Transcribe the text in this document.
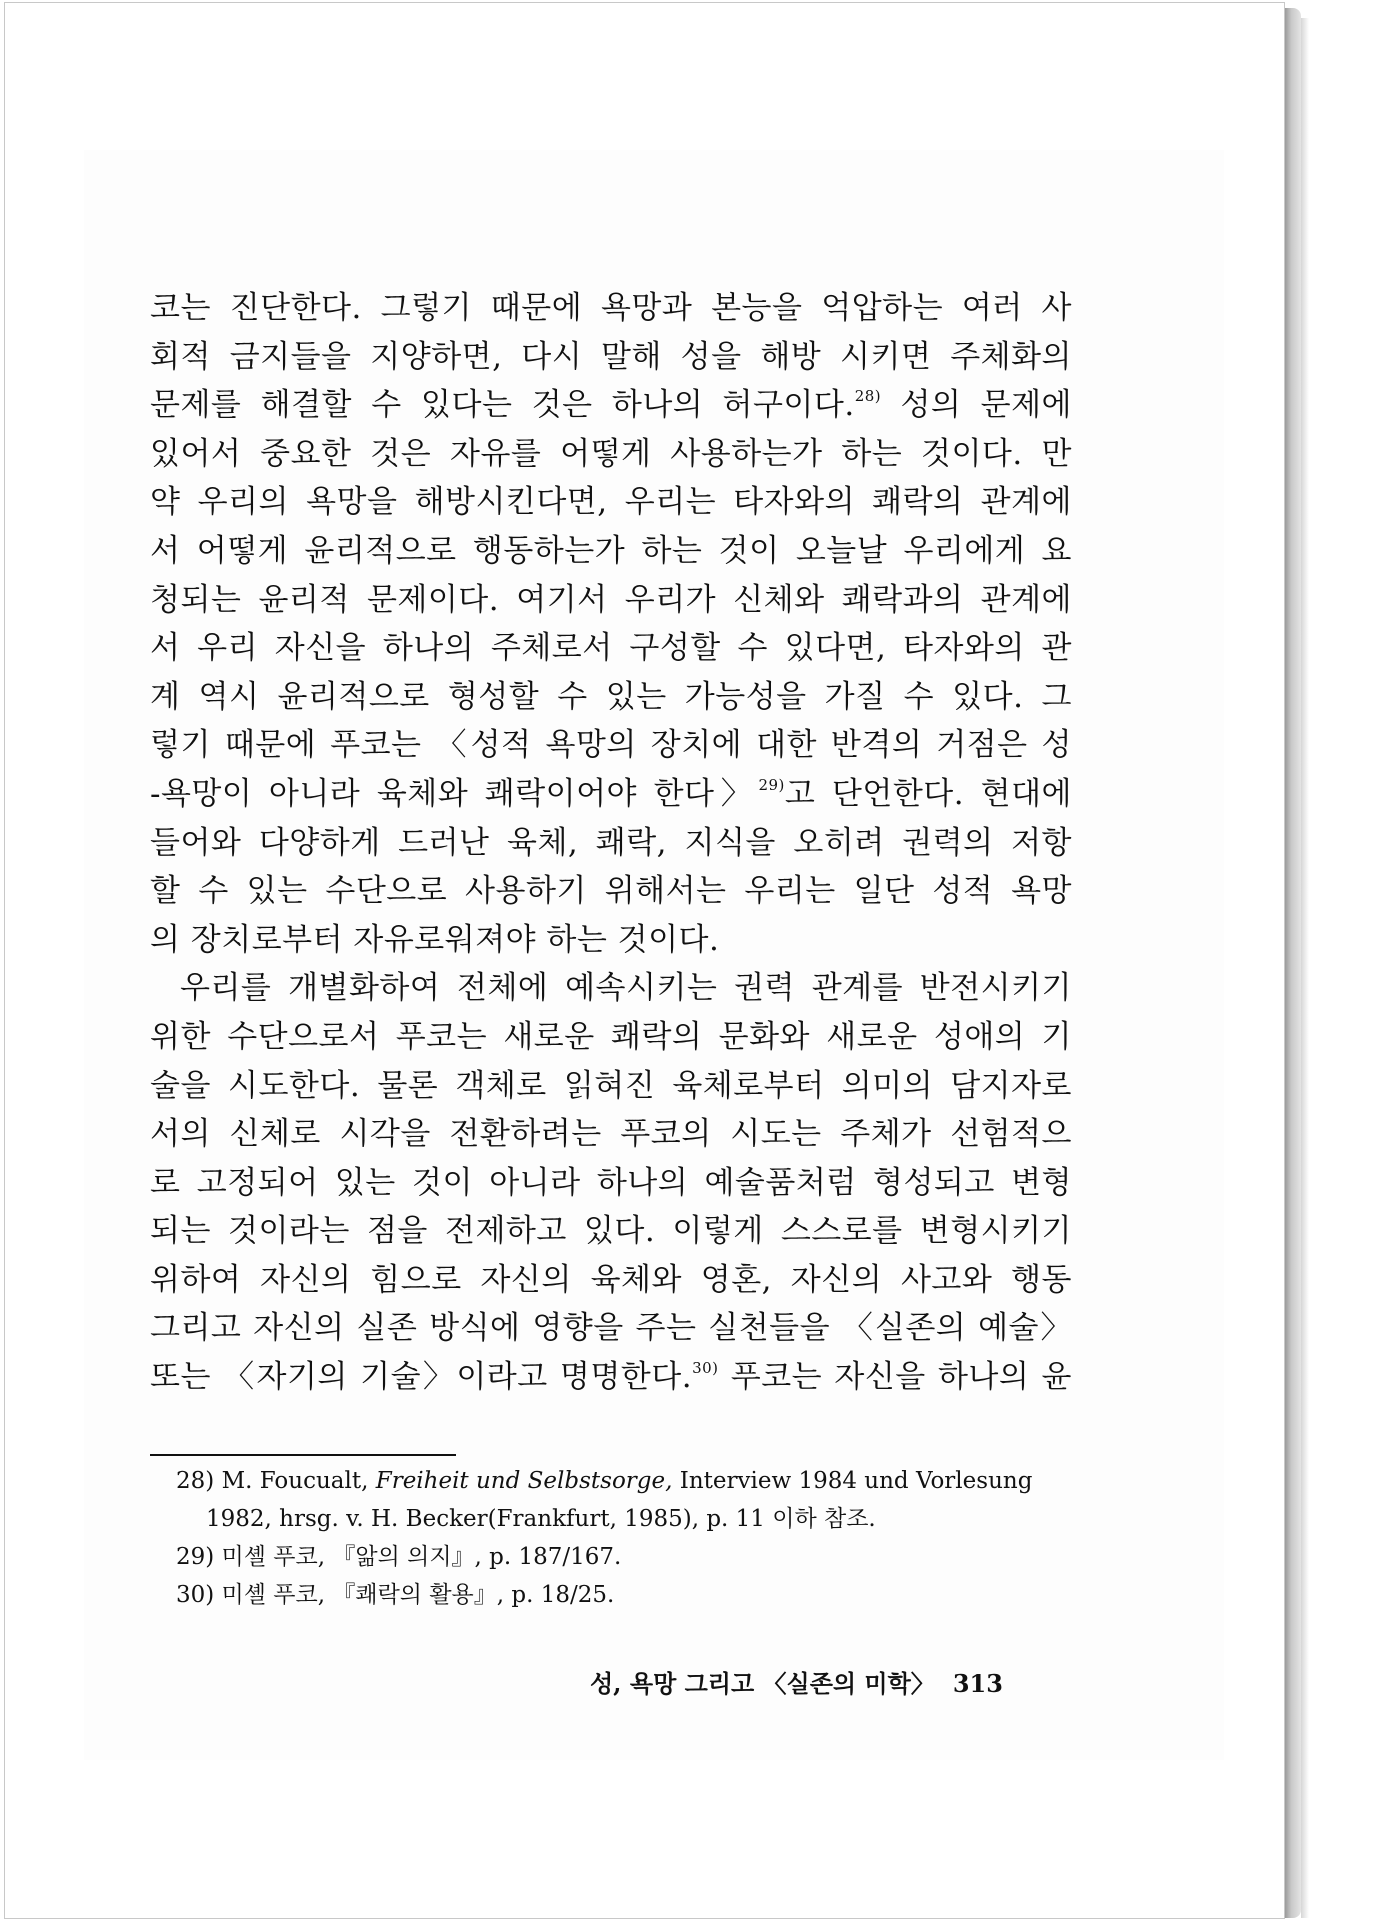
코는 진단한다. 그렇기 때문에 욕망과 본능을 억압하는 여러 사
회적 금지들을 지양하면, 다시 말해 성을 해방 시키면 주체화의
문제를 해결할 수 있다는 것은 하나의 허구이다.$^{28)}$ 성의 문제에
있어서 중요한 것은 자유를 어떻게 사용하는가 하는 것이다. 만
약 우리의 욕망을 해방시킨다면, 우리는 타자와의 쾌락의 관계에
서 어떻게 윤리적으로 행동하는가 하는 것이 오늘날 우리에게 요
청되는 윤리적 문제이다. 여기서 우리가 신체와 쾌락과의 관계에
서 우리 자신을 하나의 주체로서 구성할 수 있다면, 타자와의 관
계 역시 윤리적으로 형성할 수 있는 가능성을 가질 수 있다. 그
렇기 때문에 푸코는 〈성적 욕망의 장치에 대한 반격의 거점은 성
-욕망이 아니라 육체와 쾌락이어야 한다〉$^{29)}$고 단언한다. 현대에
들어와 다양하게 드러난 육체, 쾌락, 지식을 오히려 권력의 저항
할 수 있는 수단으로 사용하기 위해서는 우리는 일단 성적 욕망
의 장치로부터 자유로워져야 하는 것이다.
우리를 개별화하여 전체에 예속시키는 권력 관계를 반전시키기
위한 수단으로서 푸코는 새로운 쾌락의 문화와 새로운 성애의 기
술을 시도한다. 물론 객체로 읽혀진 육체로부터 의미의 담지자로
서의 신체로 시각을 전환하려는 푸코의 시도는 주체가 선험적으
로 고정되어 있는 것이 아니라 하나의 예술품처럼 형성되고 변형
되는 것이라는 점을 전제하고 있다. 이렇게 스스로를 변형시키기
위하여 자신의 힘으로 자신의 육체와 영혼, 자신의 사고와 행동
그리고 자신의 실존 방식에 영향을 주는 실천들을 〈실존의 예술〉
또는 〈자기의 기술〉이라고 명명한다.$^{30)}$ 푸코는 자신을 하나의 윤
28) M. Foucualt, Freiheit und Selbstsorge, Interview 1984 und Vorlesung
1982, hrsg. v. H. Becker(Frankfurt, 1985), p. 11 이하 참조.
29) 미셸 푸코, 『앎의 의지』, p. 187/167.
30) 미셸 푸코, 『쾌락의 활용』, p. 18/25.
성, 욕망 그리고 〈실존의 미학〉 313
